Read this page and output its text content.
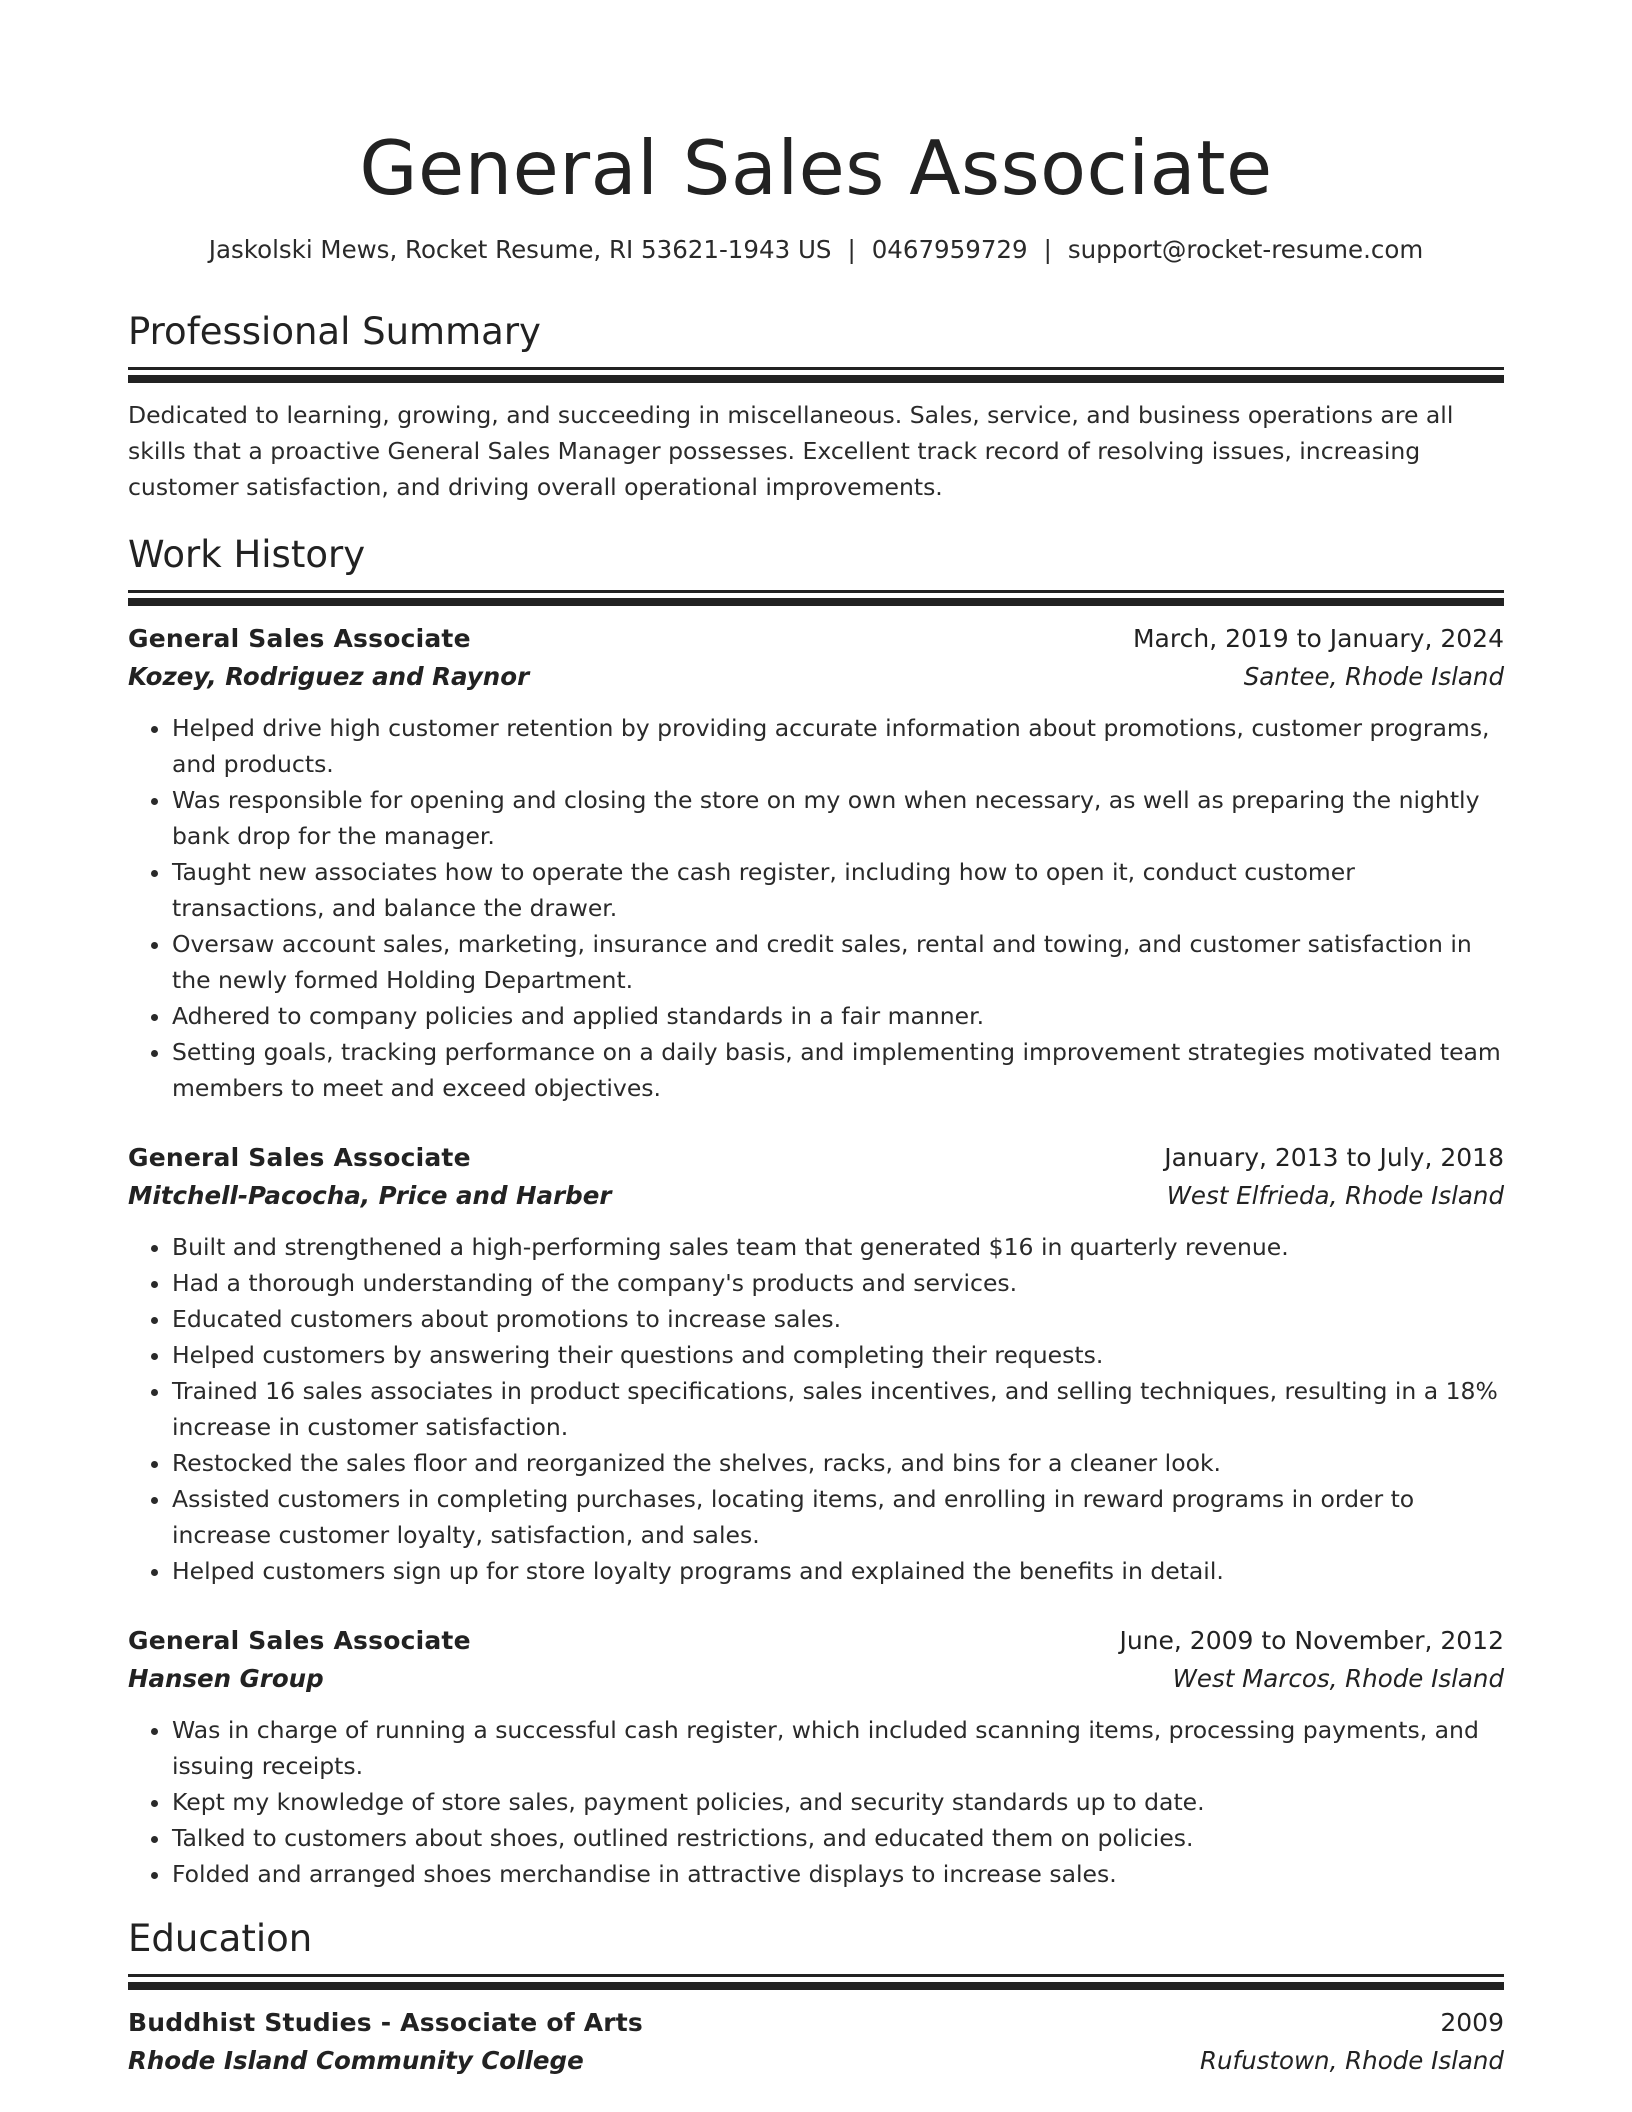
General Sales Associate
Jaskolski Mews, Rocket Resume, RI 53621-1943 US | 0467959729 | support@rocket-resume.com
Professional Summary
Dedicated to learning, growing, and succeeding in miscellaneous. Sales, service, and business operations are all skills that a proactive General Sales Manager possesses. Excellent track record of resolving issues, increasing customer satisfaction, and driving overall operational improvements.
Work History
General Sales Associate	March, 2019 to January, 2024
Kozey, Rodriguez and Raynor	Santee, Rhode Island
• Helped drive high customer retention by providing accurate information about promotions, customer programs, and products.
• Was responsible for opening and closing the store on my own when necessary, as well as preparing the nightly bank drop for the manager.
• Taught new associates how to operate the cash register, including how to open it, conduct customer transactions, and balance the drawer.
• Oversaw account sales, marketing, insurance and credit sales, rental and towing, and customer satisfaction in the newly formed Holding Department.
• Adhered to company policies and applied standards in a fair manner.
• Setting goals, tracking performance on a daily basis, and implementing improvement strategies motivated team members to meet and exceed objectives.
General Sales Associate	January, 2013 to July, 2018
Mitchell-Pacocha, Price and Harber	West Elfrieda, Rhode Island
• Built and strengthened a high-performing sales team that generated $16 in quarterly revenue.
• Had a thorough understanding of the company's products and services.
• Educated customers about promotions to increase sales.
• Helped customers by answering their questions and completing their requests.
• Trained 16 sales associates in product specifications, sales incentives, and selling techniques, resulting in a 18% increase in customer satisfaction.
• Restocked the sales floor and reorganized the shelves, racks, and bins for a cleaner look.
• Assisted customers in completing purchases, locating items, and enrolling in reward programs in order to increase customer loyalty, satisfaction, and sales.
• Helped customers sign up for store loyalty programs and explained the benefits in detail.
General Sales Associate	June, 2009 to November, 2012
Hansen Group	West Marcos, Rhode Island
• Was in charge of running a successful cash register, which included scanning items, processing payments, and issuing receipts.
• Kept my knowledge of store sales, payment policies, and security standards up to date.
• Talked to customers about shoes, outlined restrictions, and educated them on policies.
• Folded and arranged shoes merchandise in attractive displays to increase sales.
Education
Buddhist Studies - Associate of Arts	2009
Rhode Island Community College	Rufustown, Rhode Island
